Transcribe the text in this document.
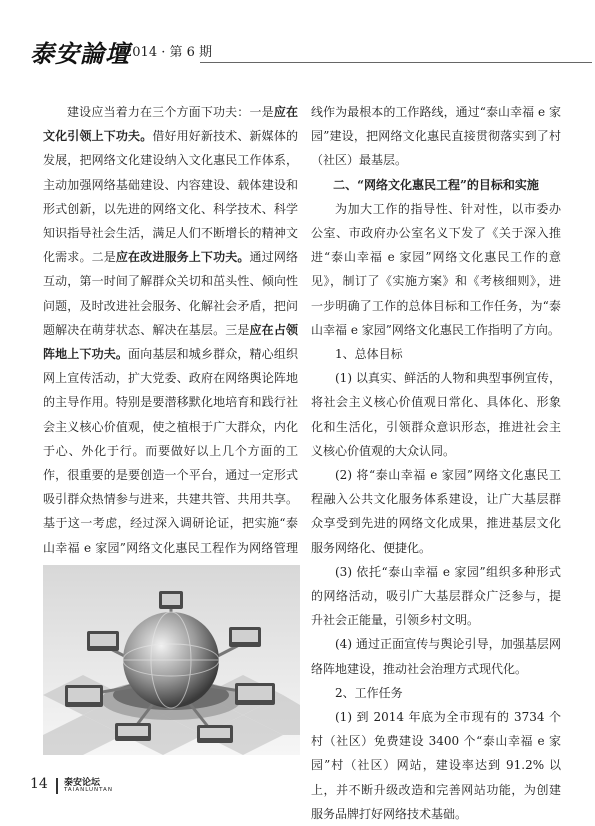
泰安論壇
2014 · 第 6 期

建设应当着力在三个方面下功夫：一是应在文化引领上下功夫。借好用好新技术、新媒体的发展，把网络文化建设纳入文化惠民工作体系，主动加强网络基础建设、内容建设、载体建设和形式创新，以先进的网络文化、科学技术、科学知识指导社会生活，满足人们不断增长的精神文化需求。二是应在改进服务上下功夫。通过网络互动，第一时间了解群众关切和茁头性、倾向性问题，及时改进社会服务、化解社会矛盾，把问题解决在萌芽状态、解决在基层。三是应在占领阵地上下功夫。面向基层和城乡群众，精心组织网上宣传活动，扩大党委、政府在网络舆论阵地的主导作用。特别是要潜移默化地培育和践行社会主义核心价值观，使之植根于广大群众，内化于心、外化于行。而要做好以上几个方面的工作，很重要的是要创造一个平台，通过一定形式吸引群众热情参与进来，共建共管、共用共享。基于这一考虑，经过深入调研论证，把实施“泰山幸福 e 家园”网络文化惠民工程作为网络管理

线作为最根本的工作路线，通过“泰山幸福 e 家园”建设，把网络文化惠民直接贯彻落实到了村（社区）最基层。

二、“网络文化惠民工程”的目标和实施

为加大工作的指导性、针对性，以市委办公室、市政府办公室名义下发了《关于深入推进“泰山幸福 e 家园”网络文化惠民工作的意见》，制订了《实施方案》和《考核细则》，进一步明确了工作的总体目标和工作任务，为“泰山幸福 e 家园”网络文化惠民工作指明了方向。

1、总体目标

(1) 以真实、鲜活的人物和典型事例宣传，将社会主义核心价值观日常化、具体化、形象化和生活化，引领群众意识形态，推进社会主义核心价值观的大众认同。

(2) 将“泰山幸福 e 家园”网络文化惠民工程融入公共文化服务体系建设，让广大基层群众享受到先进的网络文化成果，推进基层文化服务网络化、便捷化。

(3) 依托“泰山幸福 e 家园”组织多种形式的网络活动，吸引广大基层群众广泛参与，提升社会正能量，引领乡村文明。

(4) 通过正面宣传与舆论引导，加强基层网络阵地建设，推动社会治理方式现代化。

2、工作任务

(1) 到 2014 年底为全市现有的 3734 个村（社区）免费建设 3400 个“泰山幸福 e 家园”村（社区）网站，建设率达到 91.2% 以上，并不断升级改造和完善网站功能，为创建服务品牌打好网络技术基础。

14 泰安论坛
TAIANLUNTAN
